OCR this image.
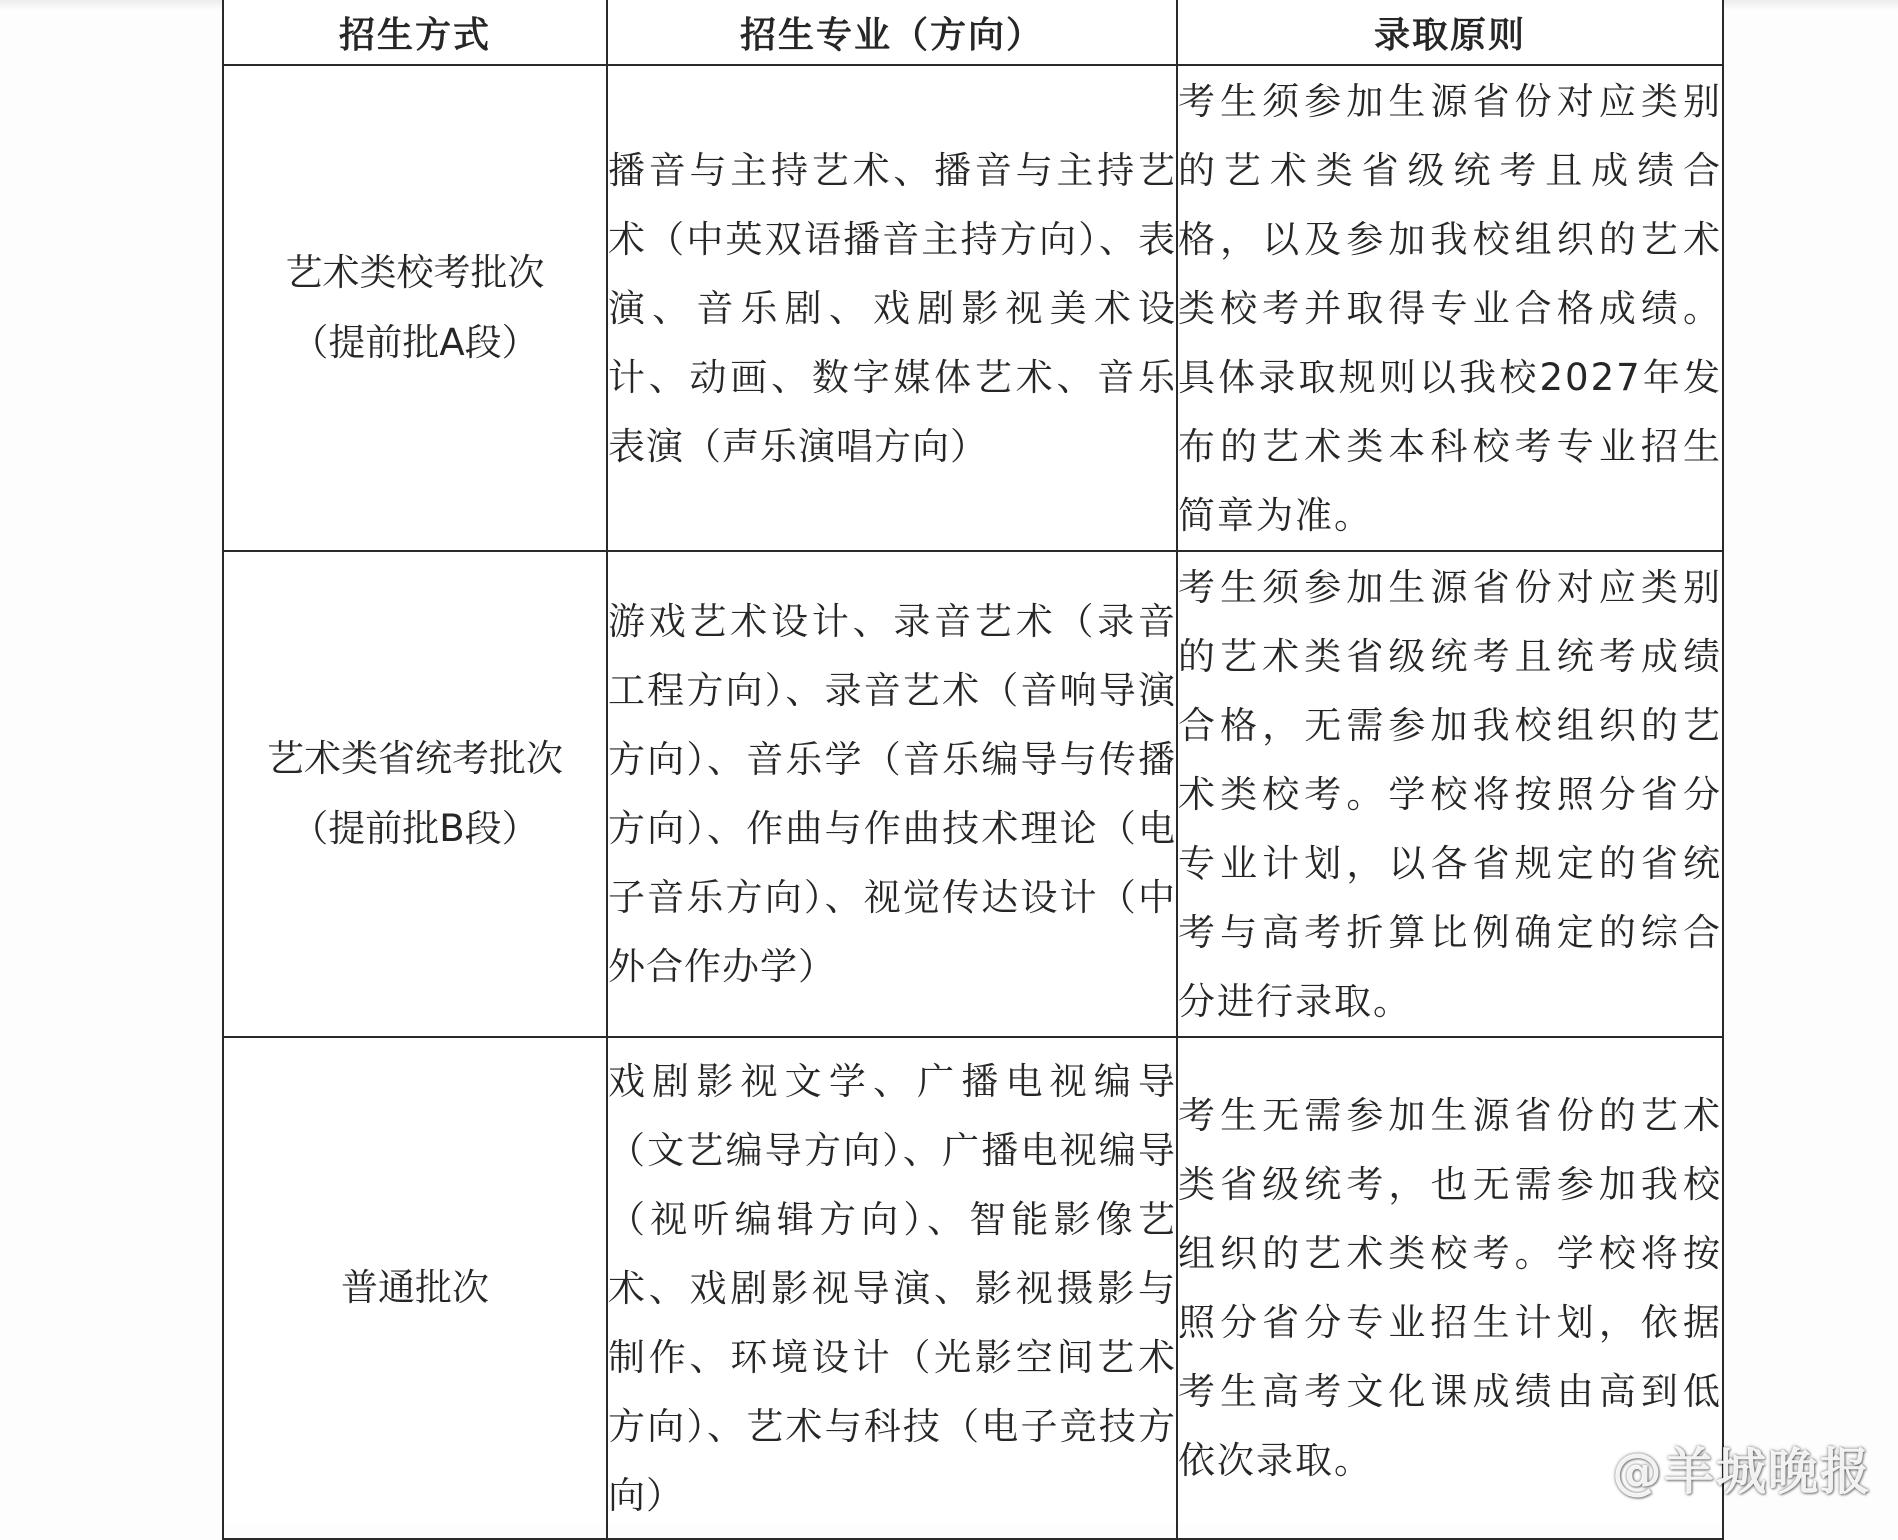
招生方式	招生专业（方向）	录取原则

艺术类校考批次
（提前批A段）	播音与主持艺术、播音与主持艺术（中英双语播音主持方向）、表演、音乐剧、戏剧影视美术设计、动画、数字媒体艺术、音乐表演（声乐演唱方向）	考生须参加生源省份对应类别的艺术类省级统考且成绩合格，以及参加我校组织的艺术类校考并取得专业合格成绩。具体录取规则以我校2027年发布的艺术类本科校考专业招生简章为准。

艺术类省统考批次
（提前批B段）	游戏艺术设计、录音艺术（录音工程方向）、录音艺术（音响导演方向）、音乐学（音乐编导与传播方向）、作曲与作曲技术理论（电子音乐方向）、视觉传达设计（中外合作办学）	考生须参加生源省份对应类别的艺术类省级统考且统考成绩合格，无需参加我校组织的艺术类校考。学校将按照分省分专业计划，以各省规定的省统考与高考折算比例确定的综合分进行录取。

普通批次	戏剧影视文学、广播电视编导（文艺编导方向）、广播电视编导（视听编辑方向）、智能影像艺术、戏剧影视导演、影视摄影与制作、环境设计（光影空间艺术方向）、艺术与科技（电子竞技方向）	考生无需参加生源省份的艺术类省级统考，也无需参加我校组织的艺术类校考。学校将按照分省分专业招生计划，依据考生高考文化课成绩由高到低依次录取。	@羊城晚报
